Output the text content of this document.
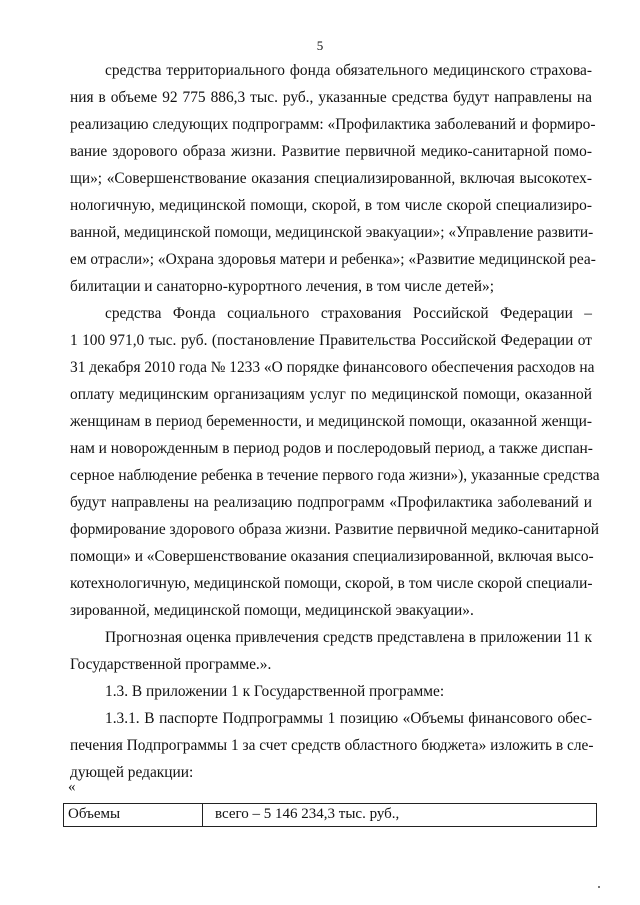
5
средства территориального фонда обязательного медицинского страхова-
ния в объеме 92 775 886,3 тыс. руб., указанные средства будут направлены на
реализацию следующих подпрограмм: «Профилактика заболеваний и формиро-
вание здорового образа жизни. Развитие первичной медико-санитарной помо-
щи»; «Совершенствование оказания специализированной, включая высокотех-
нологичную, медицинской помощи, скорой, в том числе скорой специализиро-
ванной, медицинской помощи, медицинской эвакуации»; «Управление развити-
ем отрасли»; «Охрана здоровья матери и ребенка»; «Развитие медицинской реа-
билитации и санаторно-курортного лечения, в том числе детей»;
средства Фонда социального страхования Российской Федерации –
1 100 971,0 тыс. руб. (постановление Правительства Российской Федерации от
31 декабря 2010 года № 1233 «О порядке финансового обеспечения расходов на
оплату медицинским организациям услуг по медицинской помощи, оказанной
женщинам в период беременности, и медицинской помощи, оказанной женщи-
нам и новорожденным в период родов и послеродовый период, а также диспан-
серное наблюдение ребенка в течение первого года жизни»), указанные средства
будут направлены на реализацию подпрограмм «Профилактика заболеваний и
формирование здорового образа жизни. Развитие первичной медико-санитарной
помощи» и «Совершенствование оказания специализированной, включая высо-
котехнологичную, медицинской помощи, скорой, в том числе скорой специали-
зированной, медицинской помощи, медицинской эвакуации».
Прогнозная оценка привлечения средств представлена в приложении 11 к
Государственной программе.».
1.3. В приложении 1 к Государственной программе:
1.3.1. В паспорте Подпрограммы 1 позицию «Объемы финансового обес-
печения Подпрограммы 1 за счет средств областного бюджета» изложить в сле-
дующей редакции:
«
Объемы	всего – 5 146 234,3 тыс. руб.,
